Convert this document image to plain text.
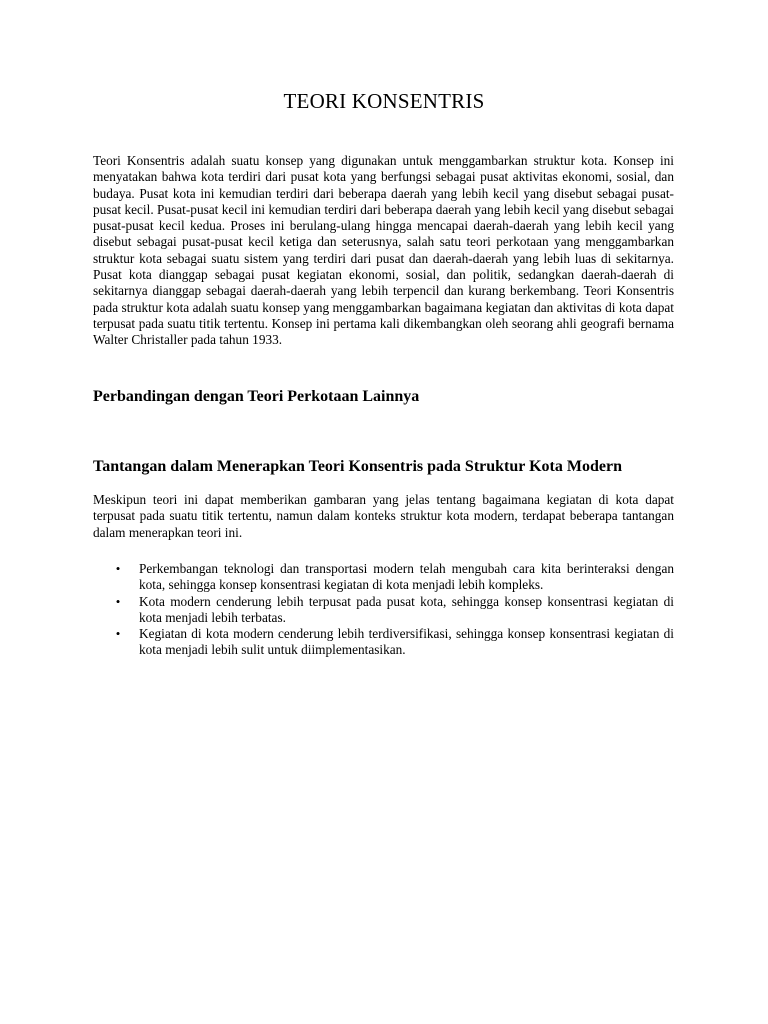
TEORI KONSENTRIS

Teori Konsentris adalah suatu konsep yang digunakan untuk menggambarkan struktur kota. Konsep ini menyatakan bahwa kota terdiri dari pusat kota yang berfungsi sebagai pusat aktivitas ekonomi, sosial, dan budaya. Pusat kota ini kemudian terdiri dari beberapa daerah yang lebih kecil yang disebut sebagai pusat-pusat kecil. Pusat-pusat kecil ini kemudian terdiri dari beberapa daerah yang lebih kecil yang disebut sebagai pusat-pusat kecil kedua. Proses ini berulang-ulang hingga mencapai daerah-daerah yang lebih kecil yang disebut sebagai pusat-pusat kecil ketiga dan seterusnya, salah satu teori perkotaan yang menggambarkan struktur kota sebagai suatu sistem yang terdiri dari pusat dan daerah-daerah yang lebih luas di sekitarnya. Pusat kota dianggap sebagai pusat kegiatan ekonomi, sosial, dan politik, sedangkan daerah-daerah di sekitarnya dianggap sebagai daerah-daerah yang lebih terpencil dan kurang berkembang. Teori Konsentris pada struktur kota adalah suatu konsep yang menggambarkan bagaimana kegiatan dan aktivitas di kota dapat terpusat pada suatu titik tertentu. Konsep ini pertama kali dikembangkan oleh seorang ahli geografi bernama Walter Christaller pada tahun 1933.

Perbandingan dengan Teori Perkotaan Lainnya
Tantangan dalam Menerapkan Teori Konsentris pada Struktur Kota Modern

Meskipun teori ini dapat memberikan gambaran yang jelas tentang bagaimana kegiatan di kota dapat terpusat pada suatu titik tertentu, namun dalam konteks struktur kota modern, terdapat beberapa tantangan dalam menerapkan teori ini.

• Perkembangan teknologi dan transportasi modern telah mengubah cara kita berinteraksi dengan kota, sehingga konsep konsentrasi kegiatan di kota menjadi lebih kompleks.
• Kota modern cenderung lebih terpusat pada pusat kota, sehingga konsep konsentrasi kegiatan di kota menjadi lebih terbatas.
• Kegiatan di kota modern cenderung lebih terdiversifikasi, sehingga konsep konsentrasi kegiatan di kota menjadi lebih sulit untuk diimplementasikan.
